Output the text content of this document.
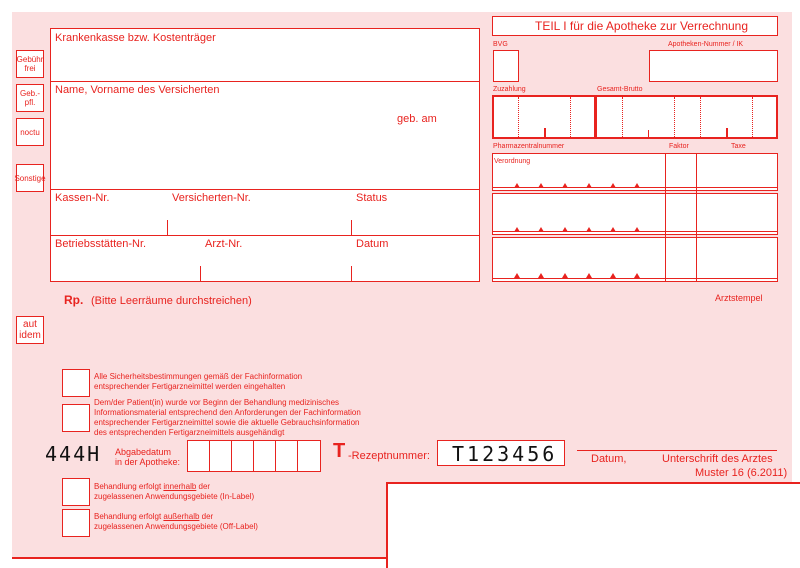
TEIL I für die Apotheke zur Verrechnung
BVG	Apotheken-Nummer / IK
Zuzahlung	Gesamt-Brutto
Pharmazentralnummer	Faktor	Taxe
Verordnung
Arztstempel
Gebühr frei
Geb.- pfl.
noctu
Sonstige
aut idem
Krankenkasse bzw. Kostenträger
Name, Vorname des Versicherten
geb. am
Kassen-Nr.	Versicherten-Nr.	Status
Betriebsstätten-Nr.	Arzt-Nr.	Datum
Rp. (Bitte Leerräume durchstreichen)
Alle Sicherheitsbestimmungen gemäß der Fachinformation
entsprechender Fertigarzneimittel werden eingehalten
Dem/der Patient(in) wurde vor Beginn der Behandlung medizinisches
Informationsmaterial entsprechend den Anforderungen der Fachinformation
entsprechender Fertigarzneimittel sowie die aktuelle Gebrauchsinformation
des entsprechenden Fertigarzneimittels ausgehändigt
Behandlung erfolgt innerhalb der
zugelassenen Anwendungsgebiete (In-Label)
Behandlung erfolgt außerhalb der
zugelassenen Anwendungsgebiete (Off-Label)
444H Abgabedatum
in der Apotheke:	T -Rezeptnummer: T123456	Datum,	Unterschrift des Arztes
Muster 16 (6.2011)
